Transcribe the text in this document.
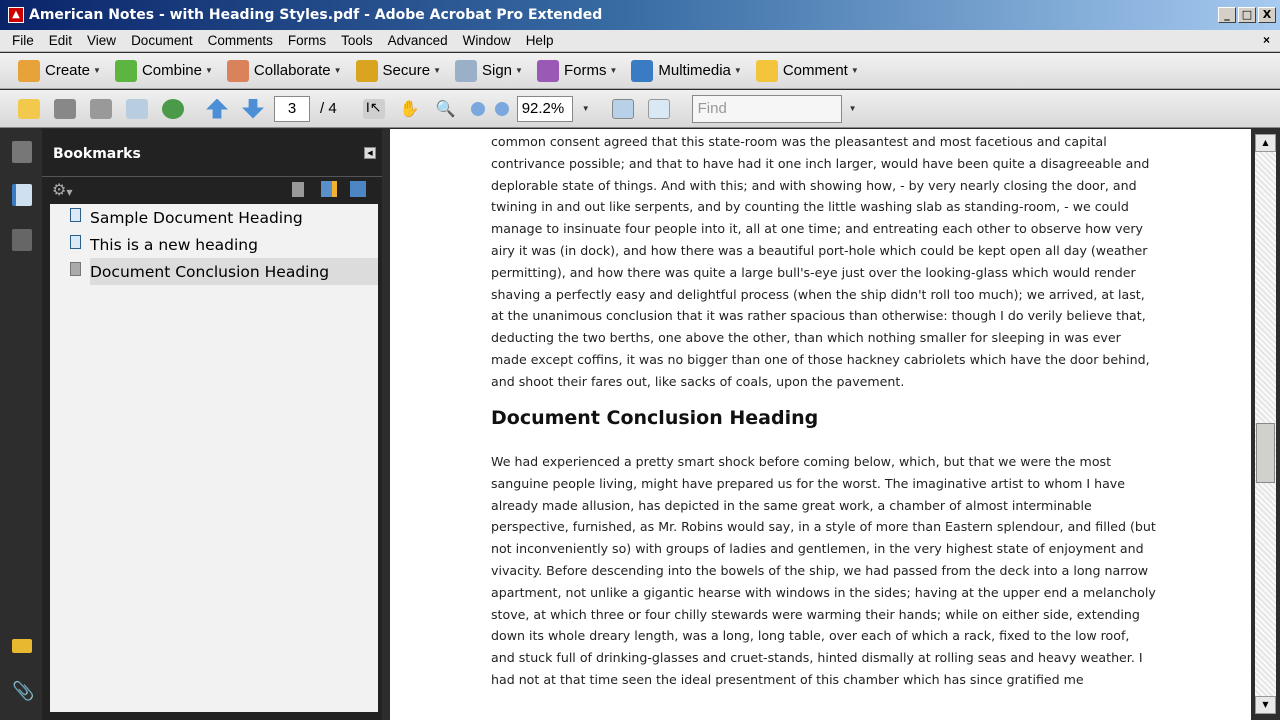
▲ American Notes - with Heading Styles.pdf - Adobe Acrobat Pro Extended	_	□ X
File Edit View Document Comments Forms Tools Advanced Window Help	×
Create ▼	Combine ▼	Collaborate ▼	Secure ▼	Sign ▼	Forms ▼	Multimedia ▼	Comment ▼
3	/ 4 I↖ ✋ 🔍	92.2%	▼	Find	▼
📎
Bookmarks	◀
⚙▼
Sample Document Heading
This is a new heading
Document Conclusion Heading

common consent agreed that this state-room was the pleasantest and most facetious and capital contrivance possible; and that to have had it one inch larger, would have been quite a disagreeable and deplorable state of things. And with this; and with showing how, - by very nearly closing the door, and twining in and out like serpents, and by counting the little washing slab as standing-room, - we could manage to insinuate four people into it, all at one time; and entreating each other to observe how very airy it was (in dock), and how there was a beautiful port-hole which could be kept open all day (weather permitting), and how there was quite a large bull's-eye just over the looking-glass which would render shaving a perfectly easy and delightful process (when the ship didn't roll too much); we arrived, at last, at the unanimous conclusion that it was rather spacious than otherwise: though I do verily believe that, deducting the two berths, one above the other, than which nothing smaller for sleeping in was ever made except coffins, it was no bigger than one of those hackney cabriolets which have the door behind, and shoot their fares out, like sacks of coals, upon the pavement.

Document Conclusion Heading

We had experienced a pretty smart shock before coming below, which, but that we were the most sanguine people living, might have prepared us for the worst. The imaginative artist to whom I have already made allusion, has depicted in the same great work, a chamber of almost interminable perspective, furnished, as Mr. Robins would say, in a style of more than Eastern splendour, and filled (but not inconveniently so) with groups of ladies and gentlemen, in the very highest state of enjoyment and vivacity. Before descending into the bowels of the ship, we had passed from the deck into a long narrow apartment, not unlike a gigantic hearse with windows in the sides; having at the upper end a melancholy stove, at which three or four chilly stewards were warming their hands; while on either side, extending down its whole dreary length, was a long, long table, over each of which a rack, fixed to the low roof, and stuck full of drinking-glasses and cruet-stands, hinted dismally at rolling seas and heavy weather. I had not at that time seen the ideal presentment of this chamber which has since gratified me

▲
▼
